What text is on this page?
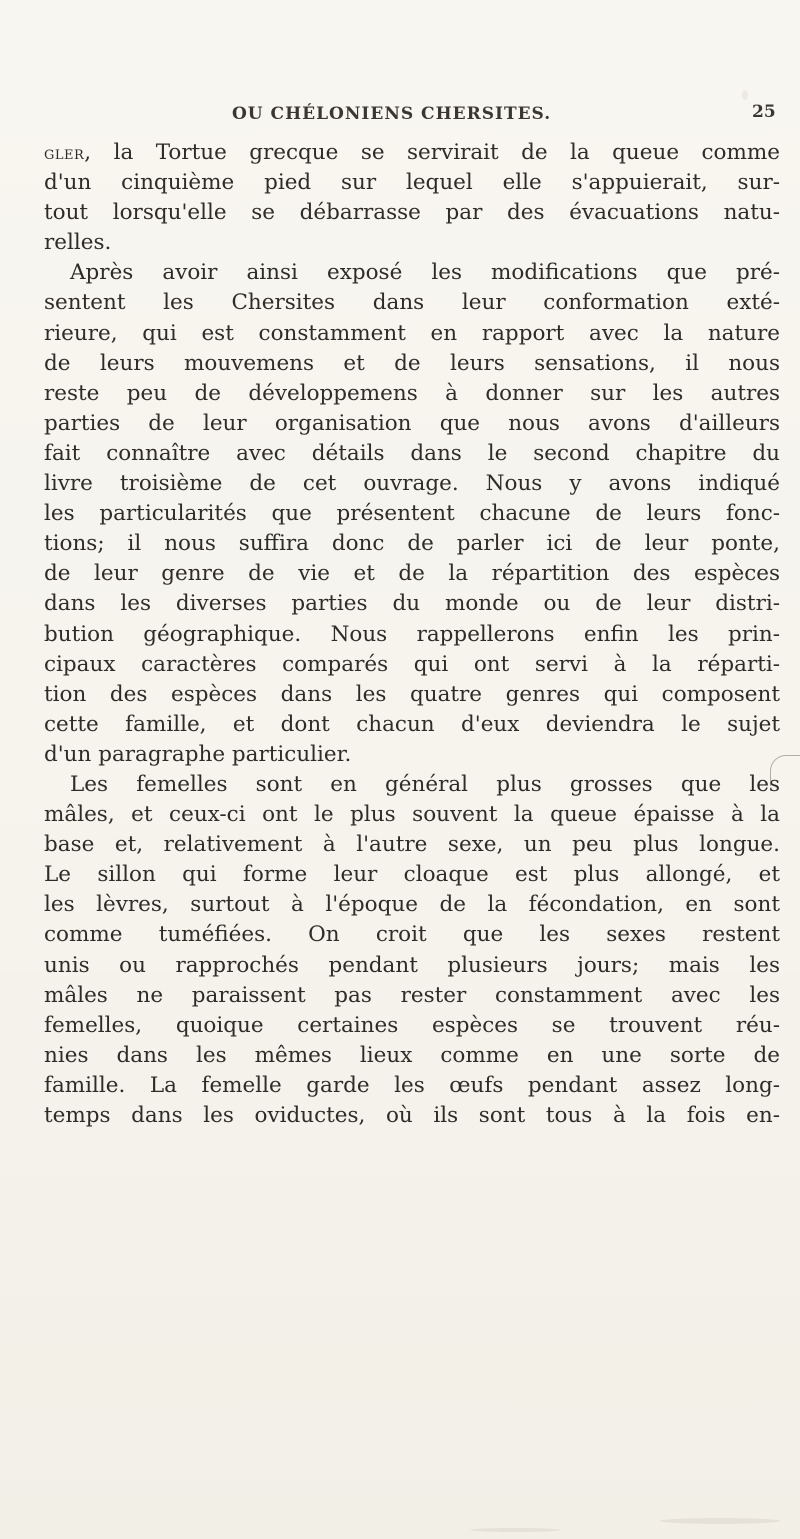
OU CHÉLONIENS CHERSITES.	25
gler, la Tortue grecque se servirait de la queue comme
d'un cinquième pied sur lequel elle s'appuierait, sur-
tout lorsqu'elle se débarrasse par des évacuations natu-
relles.
Après avoir ainsi exposé les modifications que pré-
sentent les Chersites dans leur conformation exté-
rieure, qui est constamment en rapport avec la nature
de leurs mouvemens et de leurs sensations, il nous
reste peu de développemens à donner sur les autres
parties de leur organisation que nous avons d'ailleurs
fait connaître avec détails dans le second chapitre du
livre troisième de cet ouvrage. Nous y avons indiqué
les particularités que présentent chacune de leurs fonc-
tions; il nous suffira donc de parler ici de leur ponte,
de leur genre de vie et de la répartition des espèces
dans les diverses parties du monde ou de leur distri-
bution géographique. Nous rappellerons enfin les prin-
cipaux caractères comparés qui ont servi à la réparti-
tion des espèces dans les quatre genres qui composent
cette famille, et dont chacun d'eux deviendra le sujet
d'un paragraphe particulier.
Les femelles sont en général plus grosses que les
mâles, et ceux-ci ont le plus souvent la queue épaisse à la
base et, relativement à l'autre sexe, un peu plus longue.
Le sillon qui forme leur cloaque est plus allongé, et
les lèvres, surtout à l'époque de la fécondation, en sont
comme tuméfiées. On croit que les sexes restent
unis ou rapprochés pendant plusieurs jours; mais les
mâles ne paraissent pas rester constamment avec les
femelles, quoique certaines espèces se trouvent réu-
nies dans les mêmes lieux comme en une sorte de
famille. La femelle garde les œufs pendant assez long-
temps dans les oviductes, où ils sont tous à la fois en-
